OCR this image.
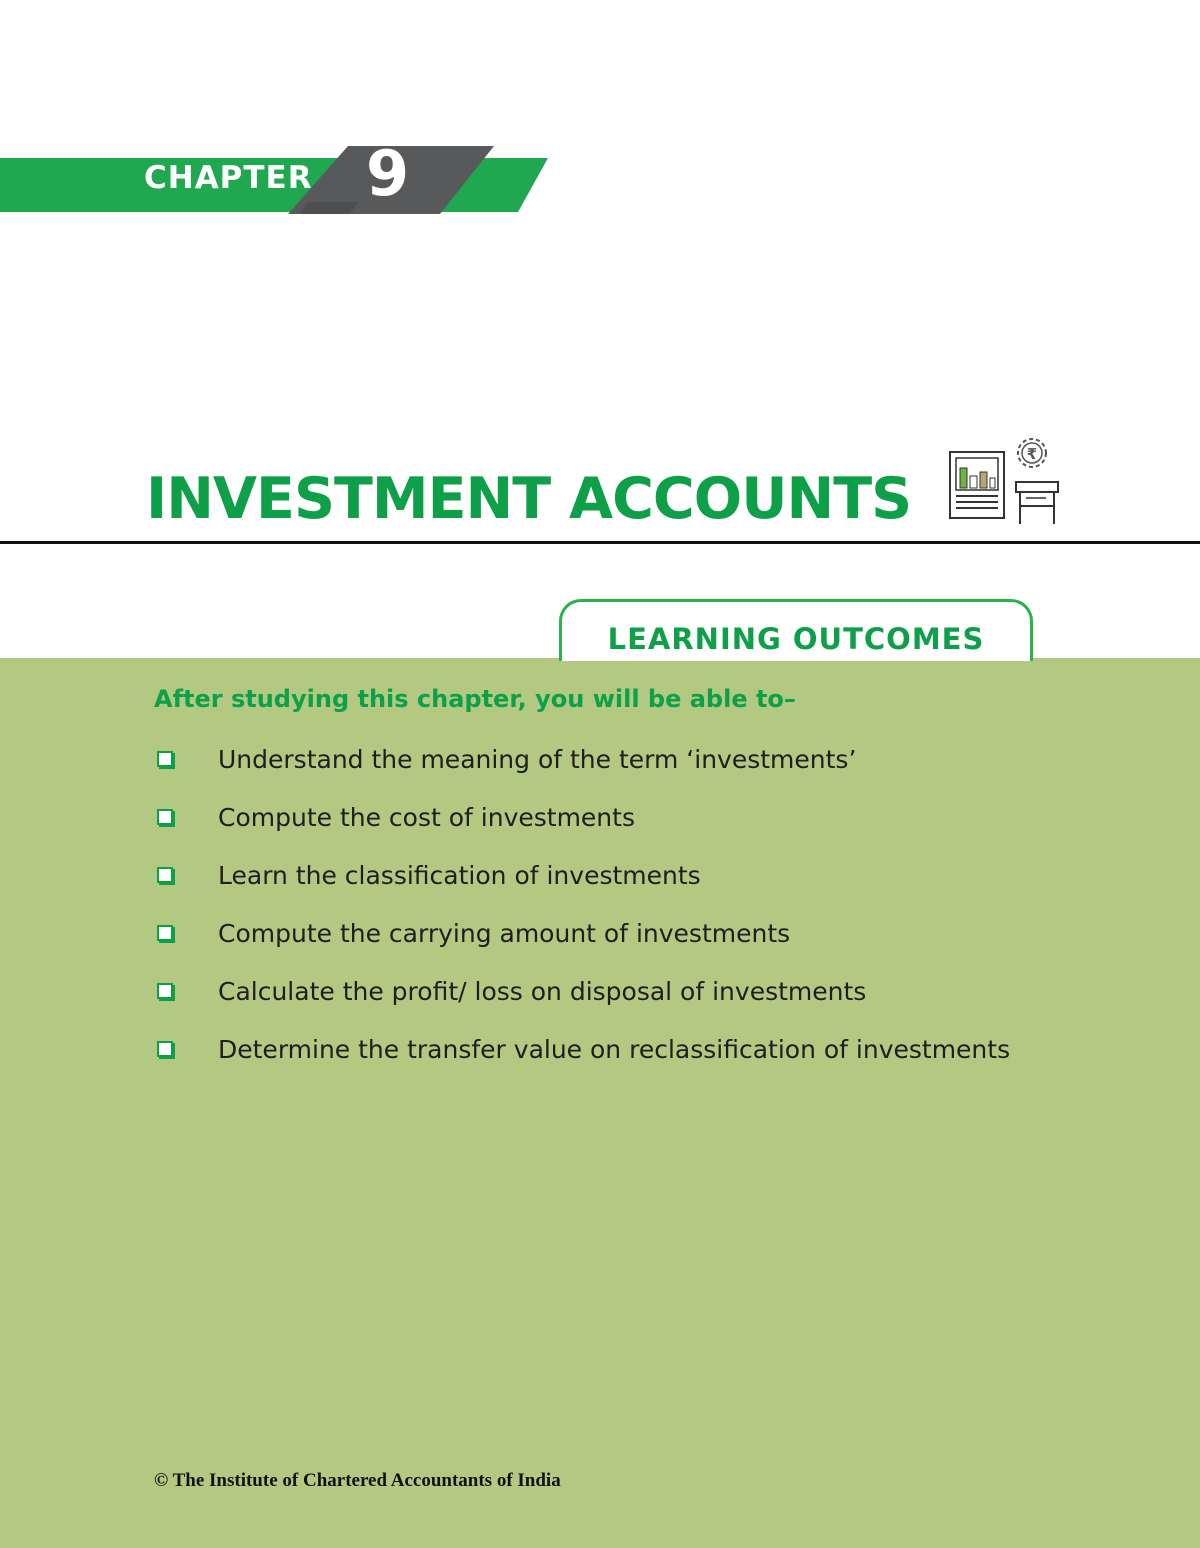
CHAPTER 9
INVESTMENT ACCOUNTS
₹
LEARNING OUTCOMES
After studying this chapter, you will be able to–
Understand the meaning of the term ‘investments’
Compute the cost of investments
Learn the classification of investments
Compute the carrying amount of investments
Calculate the profit/ loss on disposal of investments
Determine the transfer value on reclassification of investments
© The Institute of Chartered Accountants of India
